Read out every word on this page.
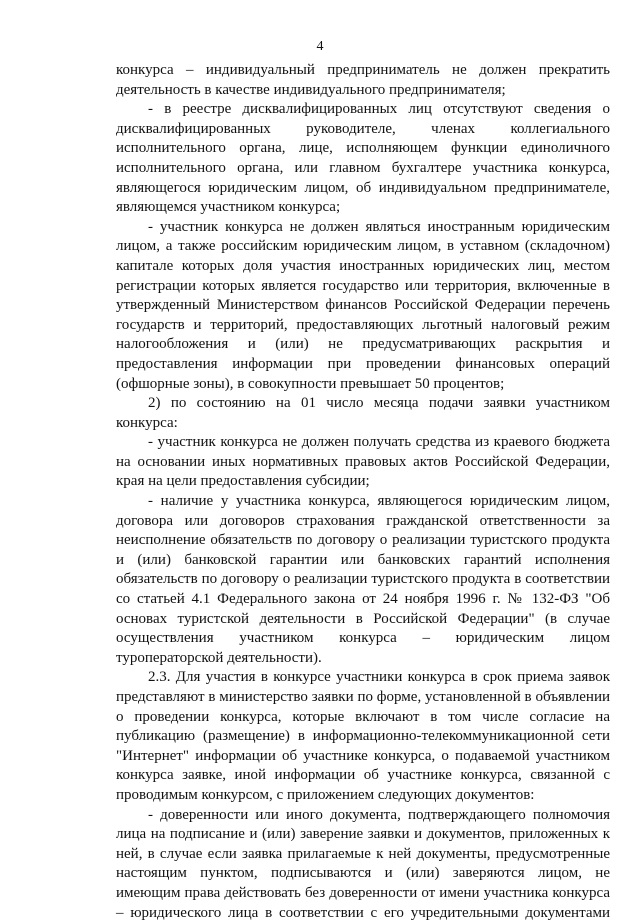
4

конкурса – индивидуальный предприниматель не должен прекратить деятельность в качестве индивидуального предпринимателя;

- в реестре дисквалифицированных лиц отсутствуют сведения о дисквалифицированных руководителе, членах коллегиального исполнительного органа, лице, исполняющем функции единоличного исполнительного органа, или главном бухгалтере участника конкурса, являющегося юридическим лицом, об индивидуальном предпринимателе, являющемся участником конкурса;

- участник конкурса не должен являться иностранным юридическим лицом, а также российским юридическим лицом, в уставном (складочном) капитале которых доля участия иностранных юридических лиц, местом регистрации которых является государство или территория, включенные в утвержденный Министерством финансов Российской Федерации перечень государств и территорий, предоставляющих льготный налоговый режим налогообложения и (или) не предусматривающих раскрытия и предоставления информации при проведении финансовых операций (офшорные зоны), в совокупности превышает 50 процентов;

2) по состоянию на 01 число месяца подачи заявки участником конкурса:

- участник конкурса не должен получать средства из краевого бюджета на основании иных нормативных правовых актов Российской Федерации, края на цели предоставления субсидии;

- наличие у участника конкурса, являющегося юридическим лицом, договора или договоров страхования гражданской ответственности за неисполнение обязательств по договору о реализации туристского продукта и (или) банковской гарантии или банковских гарантий исполнения обязательств по договору о реализации туристского продукта в соответствии со статьей 4.1 Федерального закона от 24 ноября 1996 г. № 132-ФЗ "Об основах туристской деятельности в Российской Федерации" (в случае осуществления участником конкурса – юридическим лицом туроператорской деятельности).

2.3. Для участия в конкурсе участники конкурса в срок приема заявок представляют в министерство заявки по форме, установленной в объявлении о проведении конкурса, которые включают в том числе согласие на публикацию (размещение) в информационно-телекоммуникационной сети "Интернет" информации об участнике конкурса, о подаваемой участником конкурса заявке, иной информации об участнике конкурса, связанной с проводимым конкурсом, с приложением следующих документов:

- доверенности или иного документа, подтверждающего полномочия лица на подписание и (или) заверение заявки и документов, приложенных к ней, в случае если заявка прилагаемые к ней документы, предусмотренные настоящим пунктом, подписываются и (или) заверяются лицом, не имеющим права действовать без доверенности от имени участника конкурса – юридического лица в соответствии с его учредительными документами
